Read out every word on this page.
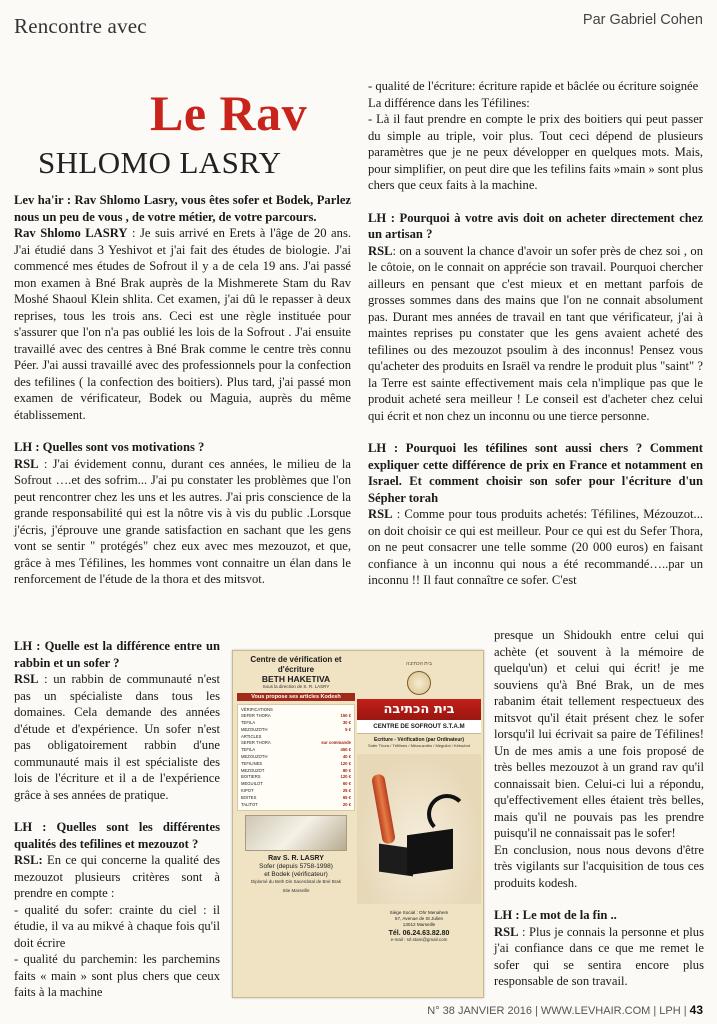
Rencontre avec	Par Gabriel Cohen
Le Rav
SHLOMO LASRY

Lev ha'ir : Rav Shlomo Lasry, vous êtes sofer et Bodek, Parlez nous un peu de vous , de votre métier, de votre parcours.

Rav Shlomo LASRY : Je suis arrivé en Erets à l'âge de 20 ans. J'ai étudié dans 3 Yeshivot et j'ai fait des études de biologie. J'ai commencé mes études de Sofrout il y a de cela 19 ans. J'ai passé mon examen à Bné Brak auprès de la Mishmerete Stam du Rav Moshé Shaoul Klein shlita. Cet examen, j'ai dû le repasser à deux reprises, tous les trois ans. Ceci est une règle instituée pour s'assurer que l'on n'a pas oublié les lois de la Sofrout . J'ai ensuite travaillé avec des centres à Bné Brak comme le centre très connu Péer. J'ai aussi travaillé avec des professionnels pour la confection des tefilines ( la confection des boitiers). Plus tard, j'ai passé mon examen de vérificateur, Bodek ou Maguia, auprès du même établissement.

LH : Quelles sont vos motivations ?

RSL : J'ai évidement connu, durant ces années, le milieu de la Sofrout ….et des sofrim... J'ai pu constater les problèmes que l'on peut rencontrer chez les uns et les autres. J'ai pris conscience de la grande responsabilité qui est la nôtre vis à vis du public .Lorsque j'écris, j'éprouve une grande satisfaction en sachant que les gens vont se sentir " protégés" chez eux avec mes mezouzot, et que, grâce à mes Téfilines, les hommes vont connaitre un élan dans le renforcement de l'étude de la thora et des mitsvot.

LH : Quelle est la différence entre un rabbin et un sofer ?

RSL : un rabbin de communauté n'est pas un spécialiste dans tous les domaines. Cela demande des années d'étude et d'expérience. Un sofer n'est pas obligatoirement rabbin d'une communauté mais il est spécialiste des lois de l'écriture et il a de l'expérience grâce à ses années de pratique.

LH : Quelles sont les différentes qualités des tefilines et mezouzot ?

RSL: En ce qui concerne la qualité des mezouzot plusieurs critères sont à prendre en compte :

- qualité du sofer: crainte du ciel : il étudie, il va au mikvé à chaque fois qu'il doit écrire

- qualité du parchemin: les parchemins faits « main » sont plus chers que ceux faits à la machine

- qualité de l'écriture: écriture rapide et bâclée ou écriture soignée

La différence dans les Téfilines:

- Là il faut prendre en compte le prix des boitiers qui peut passer du simple au triple, voir plus. Tout ceci dépend de plusieurs paramètres que je ne peux développer en quelques mots. Mais, pour simplifier, on peut dire que les tefilins faits »main » sont plus chers que ceux faits à la machine.

LH : Pourquoi à votre avis doit on acheter directement chez un artisan ?

RSL: on a souvent la chance d'avoir un sofer près de chez soi , on le côtoie, on le connait on apprécie son travail. Pourquoi chercher ailleurs en pensant que c'est mieux et en mettant parfois de grosses sommes dans des mains que l'on ne connait absolument pas. Durant mes années de travail en tant que vérificateur, j'ai à maintes reprises pu constater que les gens avaient acheté des tefilines ou des mezouzot psoulim à des inconnus! Pensez vous qu'acheter des produits en Israël va rendre le produit plus "saint" ? la Terre est sainte effectivement mais cela n'implique pas que le produit acheté sera meilleur ! Le conseil est d'acheter chez celui qui écrit et non chez un inconnu ou une tierce personne.

LH : Pourquoi les téfilines sont aussi chers ? Comment expliquer cette différence de prix en France et notamment en Israel. Et comment choisir son sofer pour l'écriture d'un Sépher torah

RSL : Comme pour tous produits achetés: Téfilines, Mézouzot... on doit choisir ce qui est meilleur. Pour ce qui est du Sefer Thora, on ne peut consacrer une telle somme (20 000 euros) en faisant confiance à un inconnu qui nous a été recommandé…..par un inconnu !! Il faut connaître ce sofer. C'est

presque un Shidoukh entre celui qui achète (et souvent à la mémoire de quelqu'un) et celui qui écrit! je me souviens qu'à Bné Brak, un de mes rabanim était tellement respectueux des mitsvot qu'il était présent chez le sofer lorsqu'il lui écrivait sa paire de Téfilines! Un de mes amis a une fois proposé de très belles mezouzot à un grand rav qu'il connaissait bien. Celui-ci lui a répondu, qu'effectivement elles étaient très belles, mais qu'il ne pouvais pas les prendre puisqu'il ne connaissait pas le sofer!

En conclusion, nous nous devons d'être très vigilants sur l'acquisition de tous ces produits kodesh.

LH : Le mot de la fin ..

RSL : Plus je connais la personne et plus j'ai confiance dans ce que me remet le sofer qui se sentira encore plus responsable de son travail.

Centre de vérification et d'écriture
BETH HAKETIVA
Sous la direction de S. R. LASRY
Vous propose ses articles Kodesh
VÉRIFICATIONS
SEFER THORA	150 €
TEFILA	30 €
MEZOUZOTH	5 €
ARTICLES
SEFER THORA	sur commande
TEFILA	450 €
MEZOUZOTH	40 €
TEFILINES	120 €
MEZOUZOT	80 €
BOITIERS	120 €
MEGUILOT	60 €
KIPOT	25 €
BOITES	65 €
TALITOT	20 €
Rav S. R. LASRY
Sofer (depuis 5758-1998)
et Bodek (vérificateur)
Diplomé du Beth Din Sacerdotal de Bné Brak
Site Marseille
בית הכתיבה
בית הכתיבה
CENTRE DE SOFROUT S.T.A.M
Ecriture - Vérification (par Ordinateur)
Sofer Thora / Téfilines / Mézouzoths / Meguilot / Kétoubot
Siège Social : Ohr Menahem
57, Avenue de St Julien
13012 Marseille
Tél. 06.24.63.82.80
e-mail : srl.stam@gmail.com
N° 38 JANVIER 2016 | WWW.LEVHAIR.COM | LPH | 43
